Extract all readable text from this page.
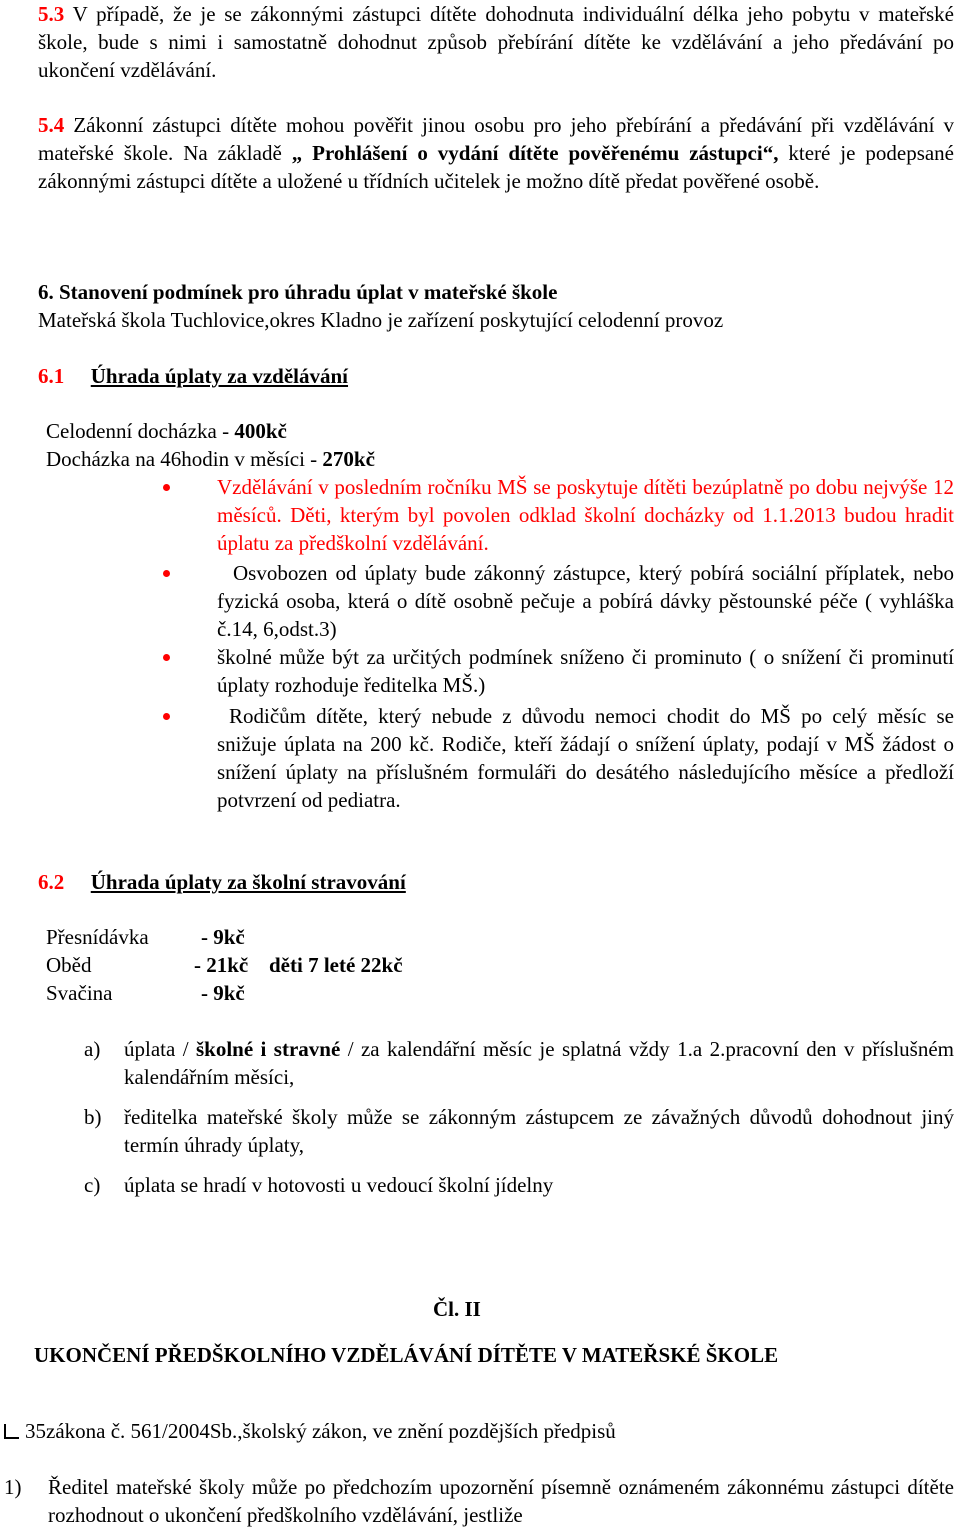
5.3 V případě, že je se zákonnými zástupci dítěte dohodnuta individuální délka jeho pobytu v mateřské škole, bude s nimi i samostatně dohodnut způsob přebírání dítěte ke vzdělávání a jeho předávání po ukončení vzdělávání.

5.4 Zákonní zástupci dítěte mohou pověřit jinou osobu pro jeho přebírání a předávání při vzdělávání v mateřské škole. Na základě „ Prohlášení o vydání dítěte pověřenému zástupci“, které je podepsané zákonnými zástupci dítěte a uložené u třídních učitelek je možno dítě předat pověřené osobě.

6. Stanovení podmínek pro úhradu úplat v mateřské škole

Mateřská škola Tuchlovice,okres Kladno je zařízení poskytující celodenní provoz

6.1 Úhrada úplaty za vzdělávání

Celodenní docházka - 400kč

Docházka na 46hodin v měsíci - 270kč

Vzdělávání v posledním ročníku MŠ se poskytuje dítěti bezúplatně po dobu nejvýše 12 měsíců. Děti, kterým byl povolen odklad školní docházky od 1.1.2013 budou hradit úplatu za předškolní vzdělávání.

Osvobozen od úplaty bude zákonný zástupce, který pobírá sociální příplatek, nebo fyzická osoba, která o dítě osobně pečuje a pobírá dávky pěstounské péče ( vyhláška č.14, 6,odst.3)

školné může být za určitých podmínek sníženo či prominuto ( o snížení či prominutí úplaty rozhoduje ředitelka MŠ.)

Rodičům dítěte, který nebude z důvodu nemoci chodit do MŠ po celý měsíc se snižuje úplata na 200 kč. Rodiče, kteří žádají o snížení úplaty, podají v MŠ žádost o snížení úplaty na příslušném formuláři do desátého následujícího měsíce a předloží potvrzení od pediatra.

6.2 Úhrada úplaty za školní stravování

Přesnídávka - 9kč

Oběd	- 21kč děti 7 leté 22kč

Svačina	- 9kč

a) úplata / školné i stravné / za kalendářní měsíc je splatná vždy 1.a 2.pracovní den v příslušném kalendářním měsíci,

b) ředitelka mateřské školy může se zákonným zástupcem ze závažných důvodů dohodnout jiný termín úhrady úplaty,

c) úplata se hradí v hotovosti u vedoucí školní jídelny

Čl. II

UKONČENÍ PŘEDŠKOLNÍHO VZDĚLÁVÁNÍ DÍTĚTE V MATEŘSKÉ ŠKOLE

35zákona č. 561/2004Sb.,školský zákon, ve znění pozdějších předpisů

1) Ředitel mateřské školy může po předchozím upozornění písemně oznámeném zákonnému zástupci dítěte rozhodnout o ukončení předškolního vzdělávání, jestliže
